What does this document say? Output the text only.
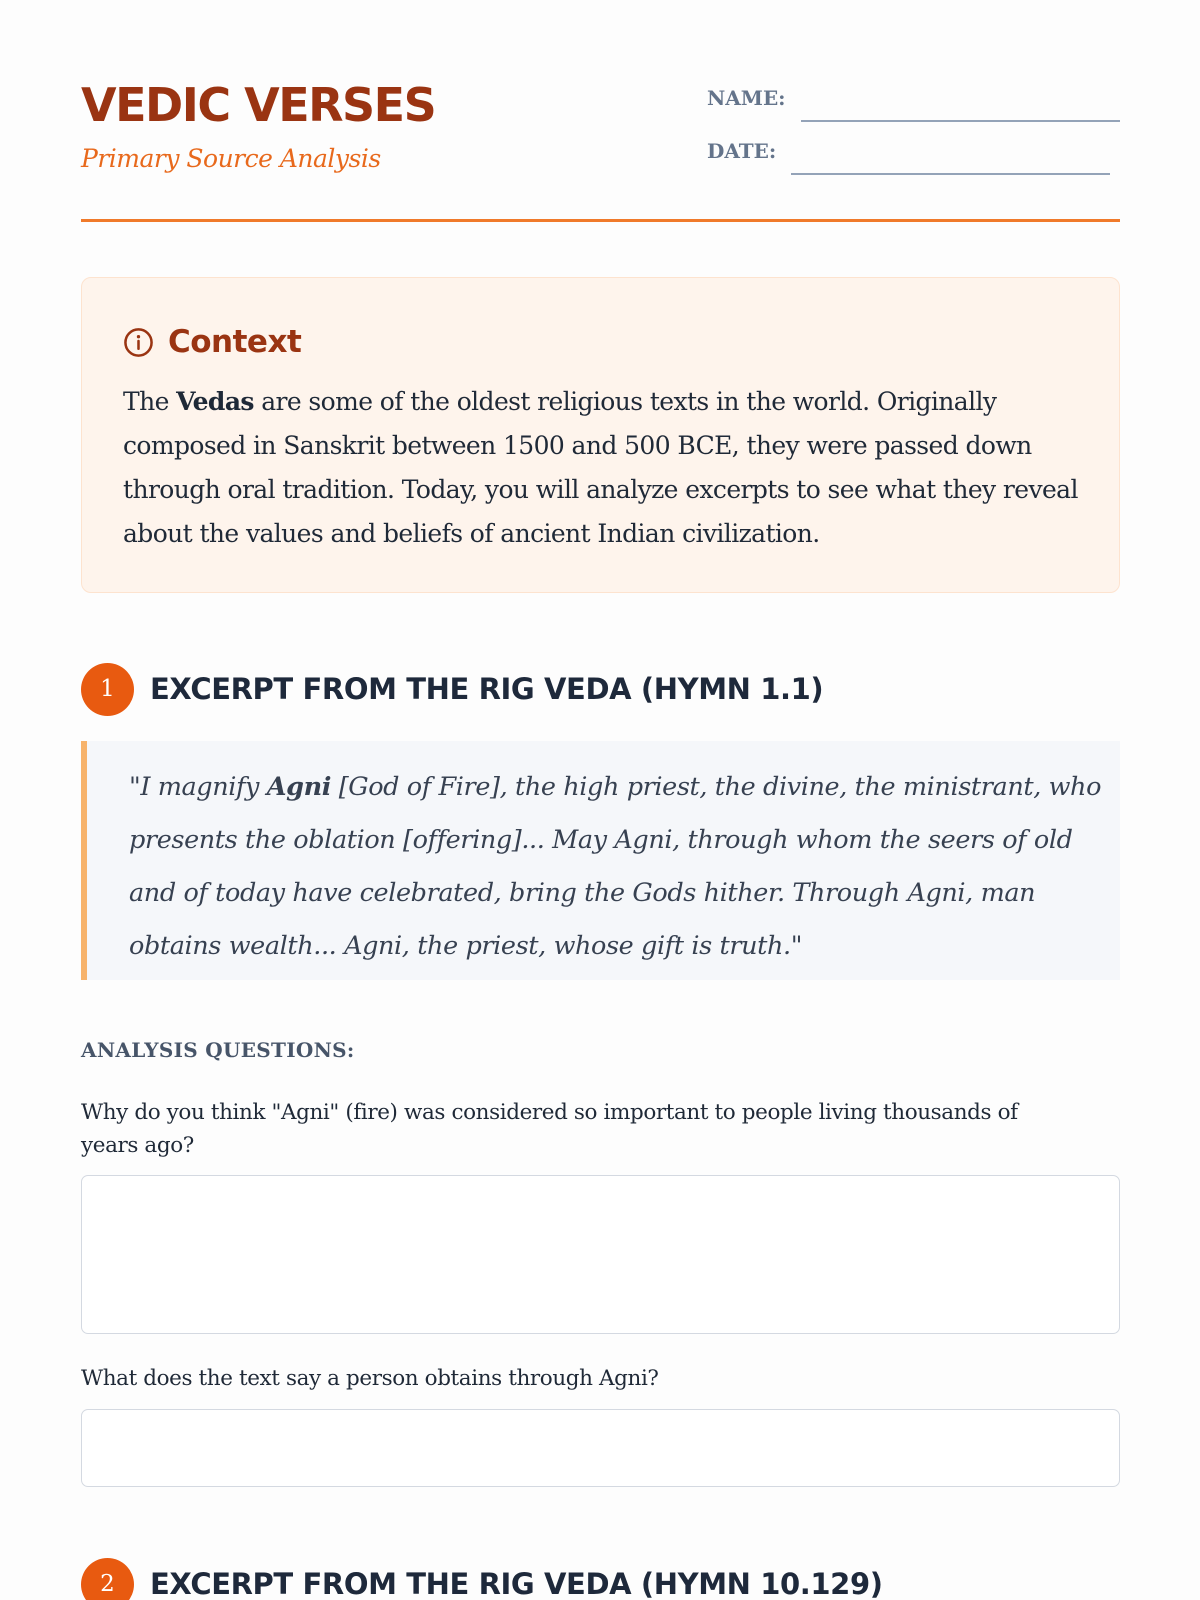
VEDIC VERSES
Primary Source Analysis
NAME:
DATE:
Context

The Vedas are some of the oldest religious texts in the world. Originally composed in Sanskrit between 1500 and 500 BCE, they were passed down through oral tradition. Today, you will analyze excerpts to see what they reveal about the values and beliefs of ancient Indian civilization.

1	EXCERPT FROM THE RIG VEDA (HYMN 1.1)

"I magnify Agni [God of Fire], the high priest, the divine, the ministrant, who presents the oblation [offering]... May Agni, through whom the seers of old and of today have celebrated, bring the Gods hither. Through Agni, man obtains wealth... Agni, the priest, whose gift is truth."

ANALYSIS QUESTIONS:

Why do you think "Agni" (fire) was considered so important to people living thousands of years ago?

What does the text say a person obtains through Agni?

2	EXCERPT FROM THE RIG VEDA (HYMN 10.129)
